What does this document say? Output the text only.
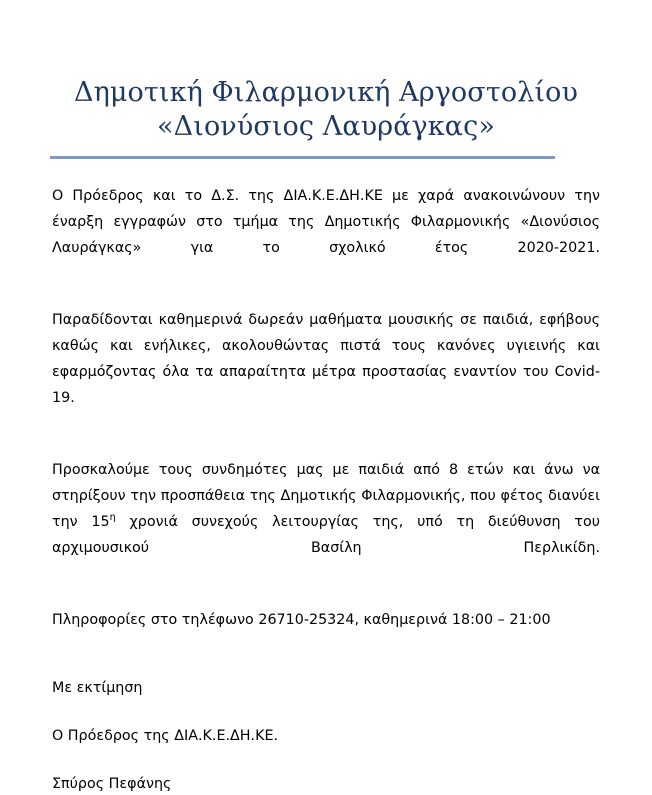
Δημοτική Φιλαρμονική Αργοστολίου
«Διονύσιος Λαυράγκας»

Ο Πρόεδρος και το Δ.Σ. της ΔΙΑ.Κ.Ε.ΔΗ.ΚΕ με χαρά ανακοινώνουν την έναρξη εγγραφών στο τμήμα της Δημοτικής Φιλαρμονικής «Διονύσιος Λαυράγκας» για το σχολικό έτος 2020-2021.

Παραδίδονται καθημερινά δωρεάν μαθήματα μουσικής σε παιδιά, εφήβους καθώς και ενήλικες, ακολουθώντας πιστά τους κανόνες υγιεινής και εφαρμόζοντας όλα τα απαραίτητα μέτρα προστασίας εναντίον του Covid-19.

Προσκαλούμε τους συνδημότες μας με παιδιά από 8 ετών και άνω να στηρίξουν την προσπάθεια της Δημοτικής Φιλαρμονικής, που φέτος διανύει την $15^\eta$ χρονιά συνεχούς λειτουργίας της, υπό τη διεύθυνση του αρχιμουσικού Βασίλη Περλικίδη.

Πληροφορίες στο τηλέφωνο 26710-25324, καθημερινά 18:00 – 21:00

Με εκτίμηση

Ο Πρόεδρος της ΔΙΑ.Κ.Ε.ΔΗ.ΚΕ.

Σπύρος Πεφάνης
